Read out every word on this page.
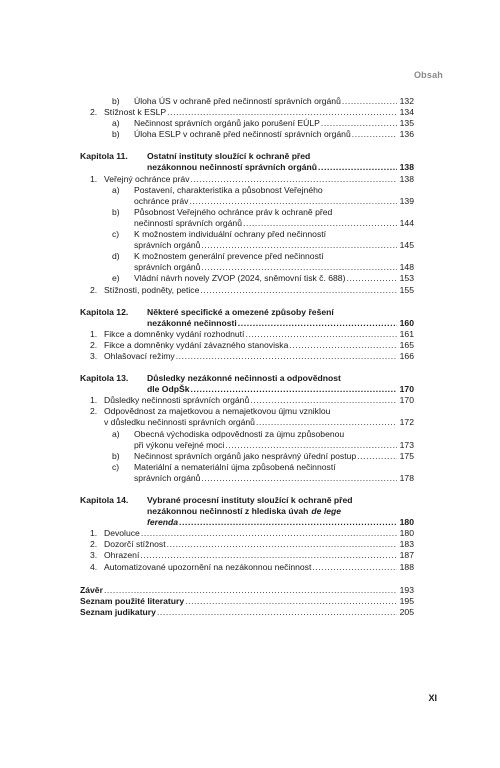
Obsah
b) Úloha ÚS v ochraně před nečinností správních orgánů .....	132
2. Stížnost k ESLP .....	134
a) Nečinnost správních orgánů jako porušení EÚLP .....	135
b) Úloha ESLP v ochraně před nečinností správních orgánů .....	136
Kapitola 11. Ostatní instituty sloužící k ochraně před
nezákonnou nečinností správních orgánů .....	138
1. Veřejný ochránce práv .....	138
a) Postavení, charakteristika a působnost Veřejného
ochránce práv .....	139
b) Působnost Veřejného ochránce práv k ochraně před
nečinností správních orgánů .....	144
c) K možnostem individuální ochrany před nečinností
správních orgánů .....	145
d) K možnostem generální prevence před nečinností
správních orgánů .....	148
e) Vládní návrh novely ZVOP (2024, sněmovní tisk č. 688) .....	153
2. Stížnosti, podněty, petice .....	155
Kapitola 12. Některé specifické a omezené způsoby řešení
nezákonné nečinnosti .....	160
1. Fikce a domněnky vydání rozhodnutí .....	161
2. Fikce a domněnky vydání závazného stanoviska .....	165
3. Ohlašovací režimy .....	166
Kapitola 13. Důsledky nezákonné nečinnosti a odpovědnost
dle OdpŠk .....	170
1. Důsledky nečinnosti správních orgánů .....	170
2. Odpovědnost za majetkovou a nemajetkovou újmu vzniklou
v důsledku nečinnosti správních orgánů .....	172
a) Obecná východiska odpovědnosti za újmu způsobenou
při výkonu veřejné moci .....	173
b) Nečinnost správních orgánů jako nesprávný úřední postup .....	175
c) Materiální a nemateriální újma způsobená nečinností
správních orgánů .....	178
Kapitola 14. Vybrané procesní instituty sloužící k ochraně před
nezákonnou nečinností z hlediska úvah de lege
ferenda .....	180
1. Devoluce .....	180
2. Dozorčí stížnost .....	183
3. Ohrazení .....	187
4. Automatizované upozornění na nezákonnou nečinnost .....	188
Závěr .....	193
Seznam použité literatury .....	195
Seznam judikatury .....	205
XI
